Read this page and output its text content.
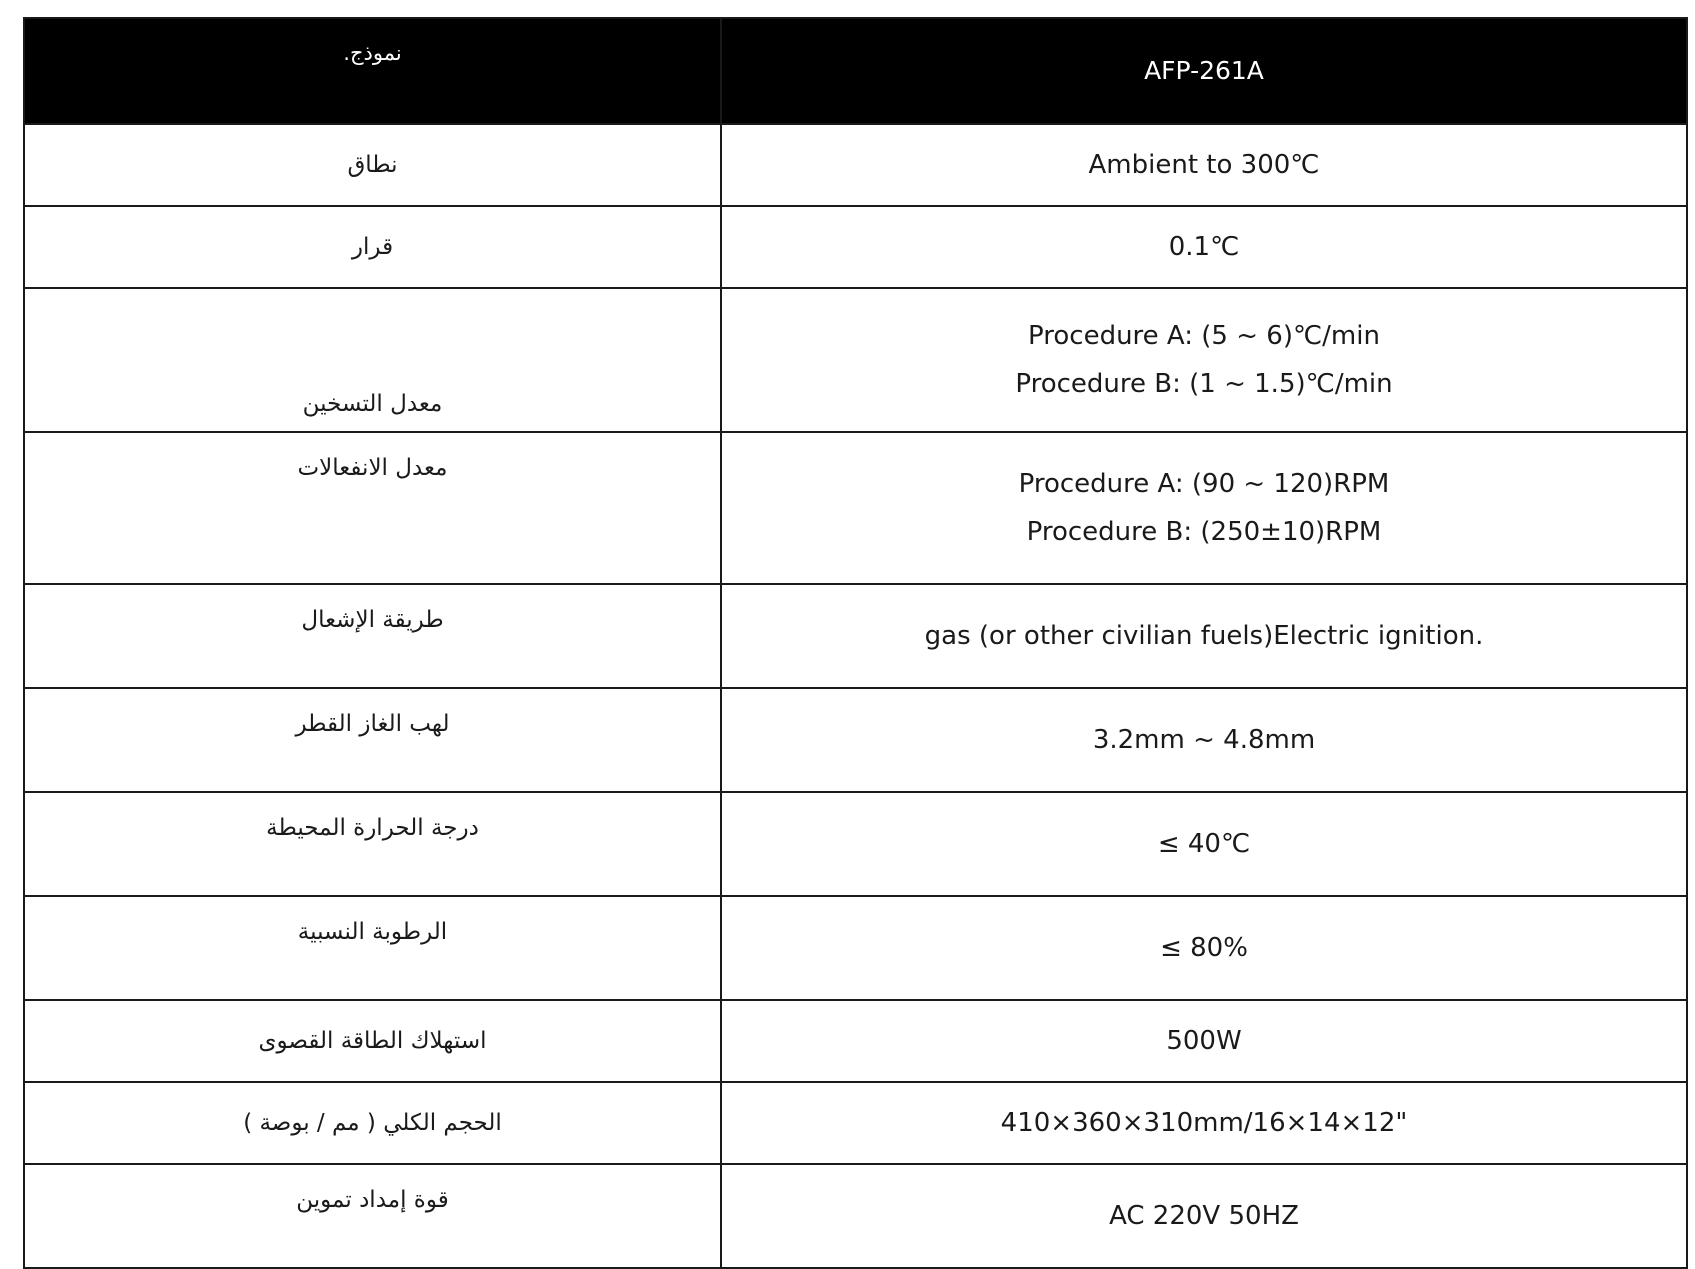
نموذج.	AFP-261A
نطاق	Ambient to 300℃

قرار	0.1℃

معدل التسخين	Procedure A: (5 ~ 6)℃/min
Procedure B: (1 ~ 1.5)℃/min

معدل الانفعالات	Procedure A: (90 ~ 120)RPM
Procedure B: (250±10)RPM

طريقة الإشعال	gas (or other civilian fuels)Electric ignition.

لهب الغاز القطر	3.2mm ~ 4.8mm

درجة الحرارة المحيطة	≤ 40℃

الرطوبة النسبية	≤ 80%

استهلاك الطاقة القصوى	500W

الحجم الكلي ( مم / بوصة )	410×360×310mm/16×14×12"

قوة إمداد تموين	AC 220V 50HZ
